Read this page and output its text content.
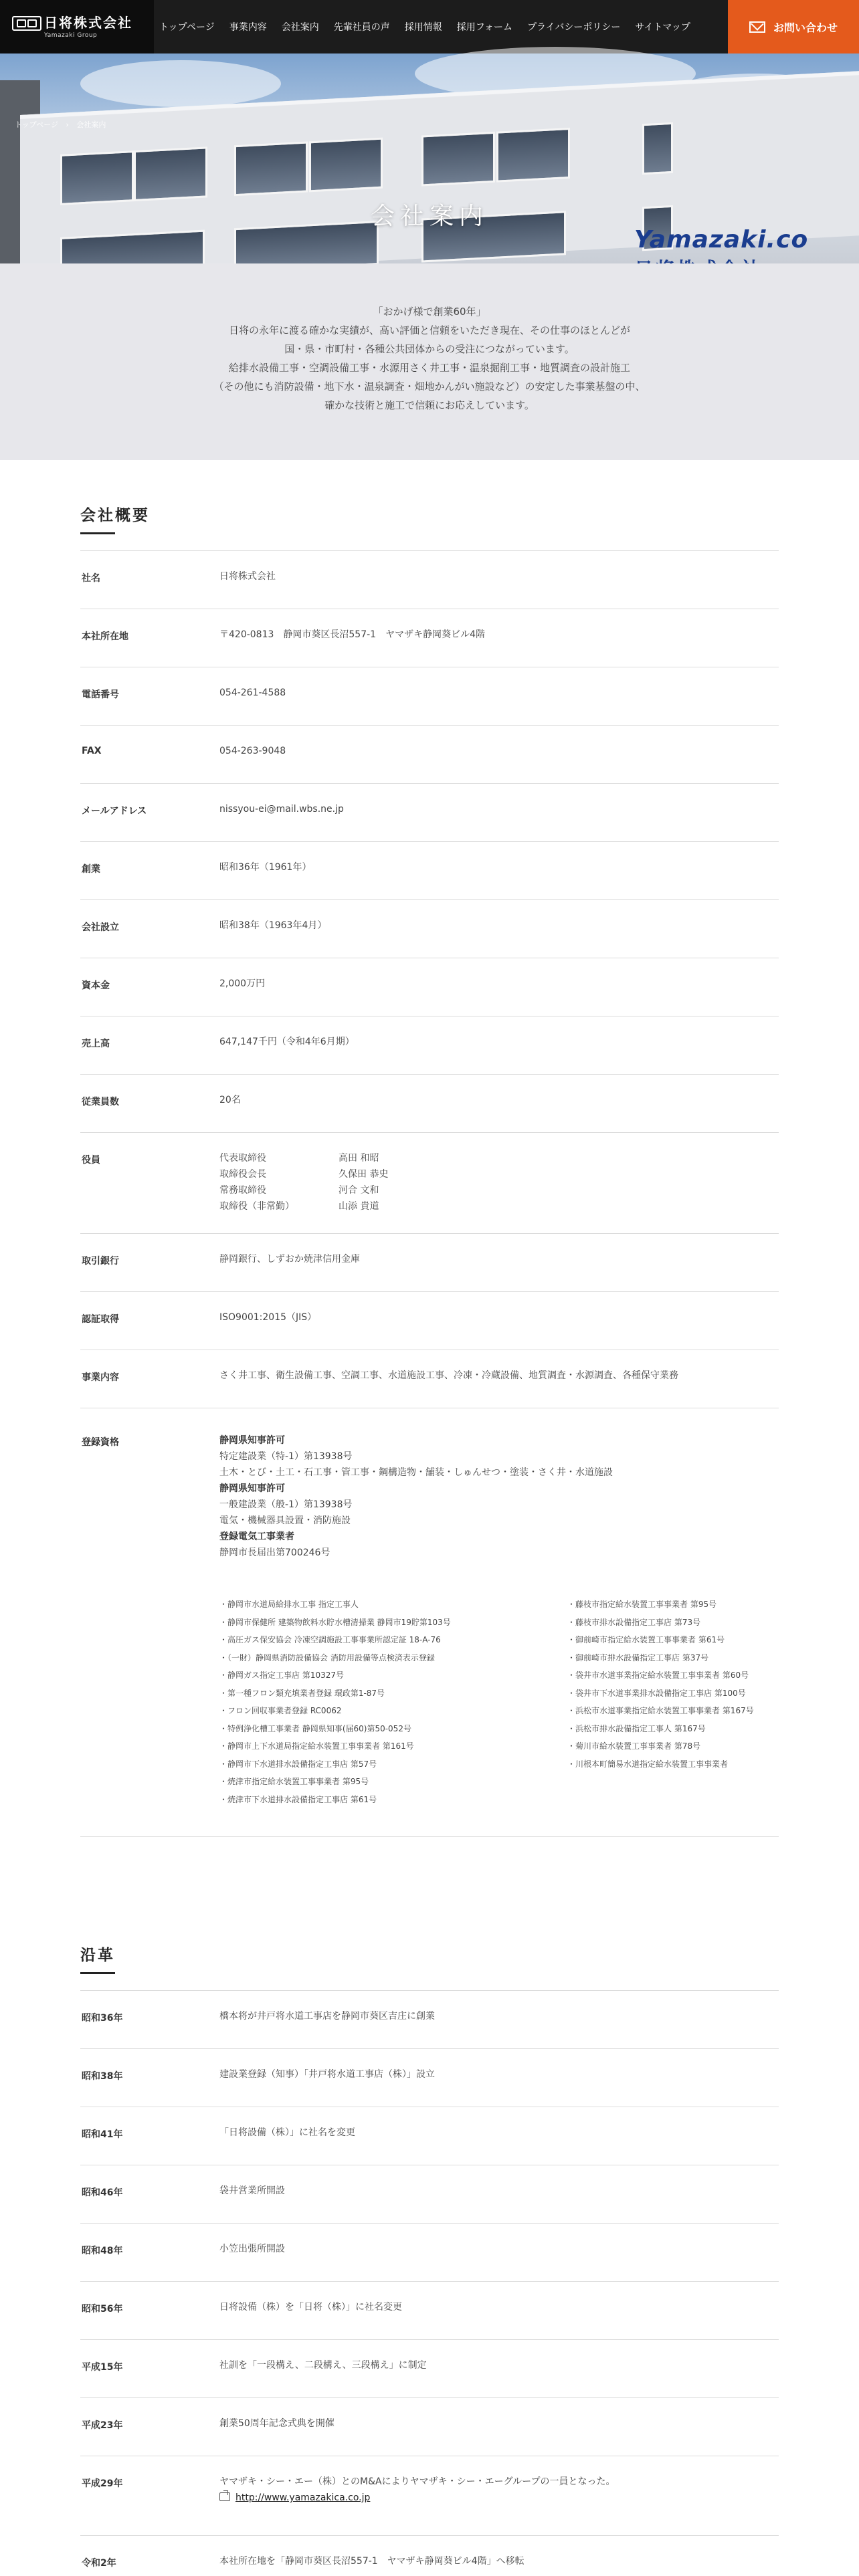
日将株式会社
Yamazaki Group
トップページ 事業内容 会社案内 先輩社員の声 採用情報 採用フォーム プライバシーポリシー サイトマップ	お問い合わせ
トップページ › 会社案内
会社案内
Yamazaki.co
「おかげ様で創業60年」
日将の永年に渡る確かな実績が、高い評価と信頼をいただき現在、その仕事のほとんどが
国・県・市町村・各種公共団体からの受注につながっています。
給排水設備工事・空調設備工事・水源用さく井工事・温泉掘削工事・地質調査の設計施工
（その他にも消防設備・地下水・温泉調査・畑地かんがい施設など）の安定した事業基盤の中、
確かな技術と施工で信頼にお応えしています。
会社概要
社名	日将株式会社
本社所在地	〒420-0813　静岡市葵区長沼557-1　ヤマザキ静岡葵ビル4階
電話番号	054-261-4588
FAX	054-263-9048
メールアドレス	nissyou-ei@mail.wbs.ne.jp
創業	昭和36年（1961年）
会社設立	昭和38年（1963年4月）
資本金	2,000万円
売上高	647,147千円（令和4年6月期）
従業員数	20名
役員	代表取締役	高田 和昭
取締役会長	久保田 恭史
常務取締役	河合 文和
取締役（非常勤）	山添 貴道
取引銀行	静岡銀行、しずおか焼津信用金庫
認証取得	ISO9001:2015（JIS）
事業内容	さく井工事、衛生設備工事、空調工事、水道施設工事、冷凍・冷蔵設備、地質調査・水源調査、各種保守業務
登録資格	静岡県知事許可
特定建設業（特-1）第13938号
土木・とび・土工・石工事・管工事・鋼構造物・舗装・しゅんせつ・塗装・さく井・水道施設
静岡県知事許可
一般建設業（般-1）第13938号
電気・機械器具設置・消防施設
登録電気工事業者
静岡市長届出第700246号
・静岡市水道局給排水工事 指定工事人
・静岡市保健所 建築物飲料水貯水槽清掃業 静岡市19貯第103号
・高圧ガス保安協会 冷凍空調施設工事事業所認定証 18-A-76
・（一財）静岡県消防設備協会 消防用設備等点検済表示登録
・静岡ガス指定工事店 第10327号
・第一種フロン類充填業者登録 環政第1-87号
・フロン回収事業者登録 RC0062
・特例浄化槽工事業者 静岡県知事(届60)第50-052号
・静岡市上下水道局指定給水装置工事事業者 第161号
・静岡市下水道排水設備指定工事店 第57号
・焼津市指定給水装置工事事業者 第95号
・焼津市下水道排水設備指定工事店 第61号
・藤枝市指定給水装置工事事業者 第95号
・藤枝市排水設備指定工事店 第73号
・御前崎市指定給水装置工事事業者 第61号
・御前崎市排水設備指定工事店 第37号
・袋井市水道事業指定給水装置工事事業者 第60号
・袋井市下水道事業排水設備指定工事店 第100号
・浜松市水道事業指定給水装置工事事業者 第167号
・浜松市排水設備指定工事人 第167号
・菊川市給水装置工事事業者 第78号
・川根本町簡易水道指定給水装置工事事業者
沿革
昭和36年	橋本将が井戸将水道工事店を静岡市葵区吉庄に創業
昭和38年	建設業登録（知事）「井戸将水道工事店（株）」設立
昭和41年	「日将設備（株）」に社名を変更
昭和46年	袋井営業所開設
昭和48年	小笠出張所開設
昭和56年	日将設備（株）を「日将（株）」に社名変更
平成15年	社訓を「一段構え、二段構え、三段構え」に制定
平成23年	創業50周年記念式典を開催
平成29年	ヤマザキ・シー・エー（株）とのM&Aによりヤマザキ・シー・エーグループの一員となった。
http://www.yamazakica.co.jp
令和2年	本社所在地を「静岡市葵区長沼557-1　ヤマザキ静岡葵ビル4階」へ移転
